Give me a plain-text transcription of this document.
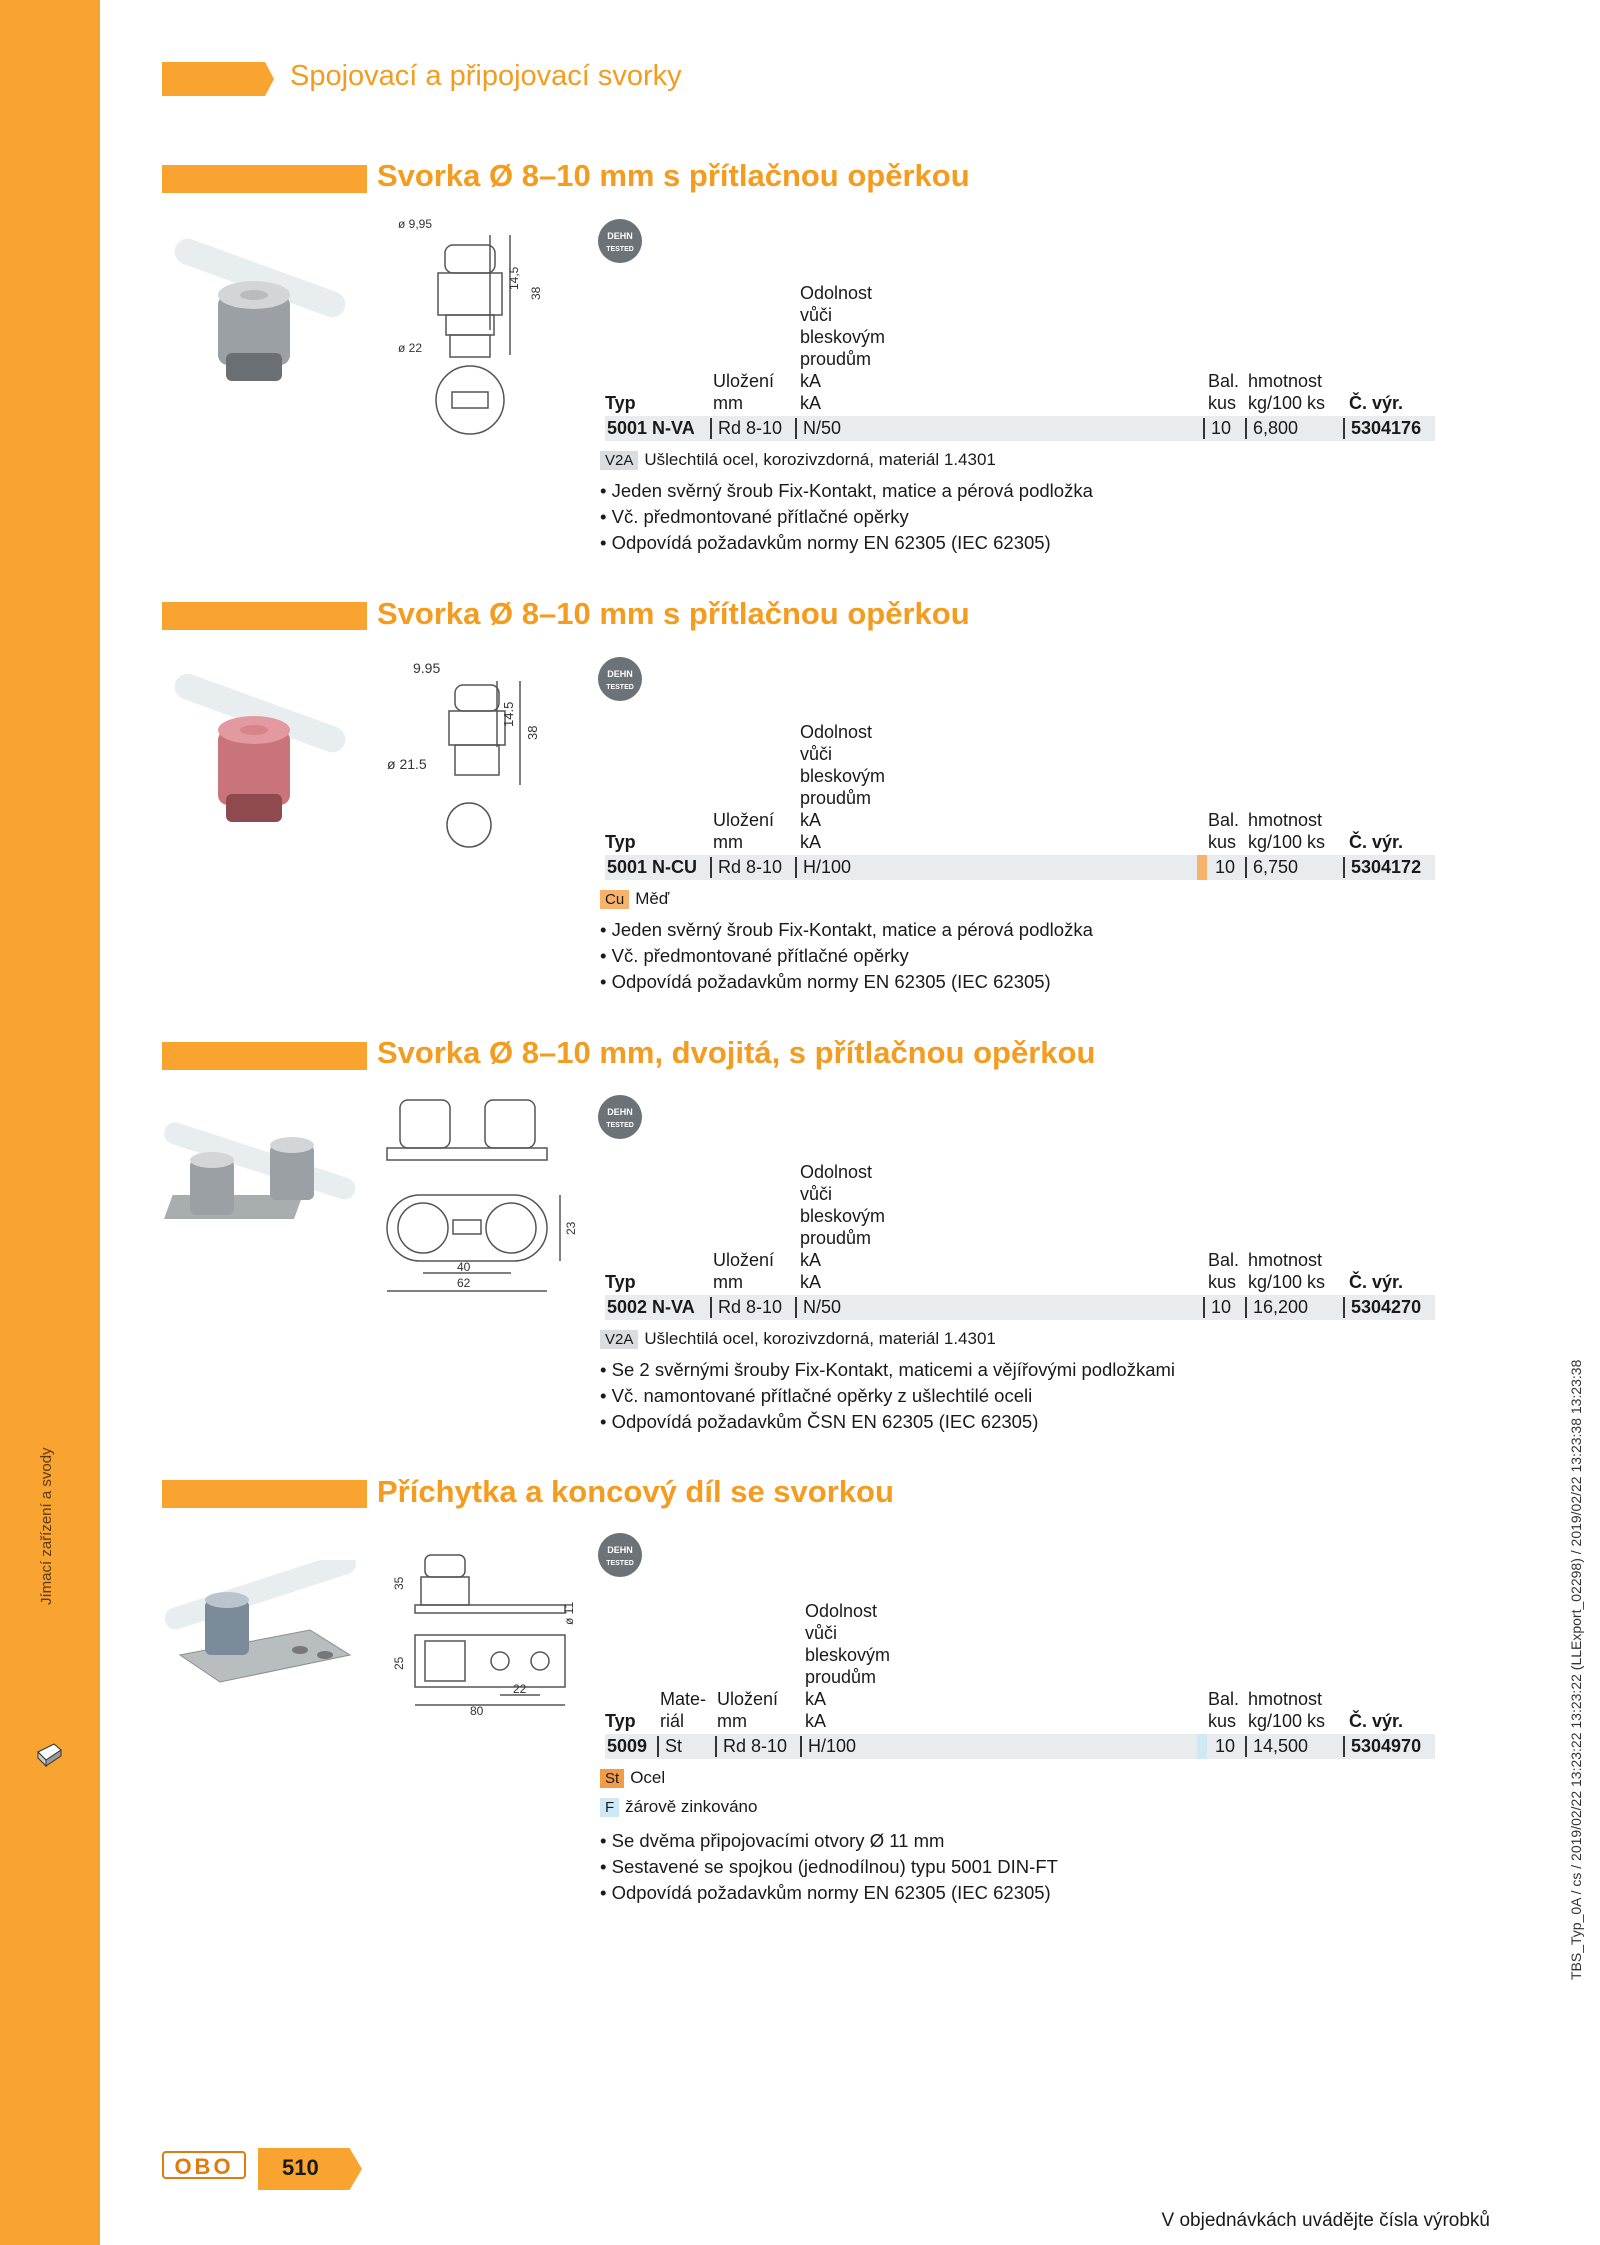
Jímací zařízení a svody
Spojovací a připojovací svorky
Svorka Ø 8–10 mm s přítlačnou opěrkou
ø 9,95
ø 22
14,5
38
DEHN
TESTED
Typ
Uložení
mm
Odolnost
vůči
bleskovým
proudům
kA
kA
Bal.
kus
hmotnost
kg/100 ks Č. výr.
5001 N-VA	Rd 8-10	N/50	10	6,800	5304176
V2A Ušlechtilá ocel, korozivzdorná, materiál 1.4301
• Jeden svěrný šroub Fix-Kontakt, matice a pérová podložka
• Vč. předmontované přítlačné opěrky
• Odpovídá požadavkům normy EN 62305 (IEC 62305)
Svorka Ø 8–10 mm s přítlačnou opěrkou
9.95
ø 21.5
14.5
38
DEHN
TESTED
Typ
Uložení
mm
Odolnost
vůči
bleskovým
proudům
kA
kA
Bal.
kus
hmotnost
kg/100 ks Č. výr.
5001 N-CU	Rd 8-10	H/100	10 6,750	5304172
Cu Měď
• Jeden svěrný šroub Fix-Kontakt, matice a pérová podložka
• Vč. předmontované přítlačné opěrky
• Odpovídá požadavkům normy EN 62305 (IEC 62305)
Svorka Ø 8–10 mm, dvojitá, s přítlačnou opěrkou
40
62
23
DEHN
TESTED
Typ
Uložení
mm
Odolnost
vůči
bleskovým
proudům
kA
kA
Bal.
kus
hmotnost
kg/100 ks Č. výr.
5002 N-VA	Rd 8-10	N/50	10	16,200	5304270
V2A Ušlechtilá ocel, korozivzdorná, materiál 1.4301
• Se 2 svěrnými šrouby Fix-Kontakt, maticemi a vějířovými podložkami
• Vč. namontované přítlačné opěrky z ušlechtilé oceli
• Odpovídá požadavkům ČSN EN 62305 (IEC 62305)
Příchytka a koncový díl se svorkou
35
25
ø 11
22
80
DEHN
TESTED
Typ
Mate-
riál
Uložení
mm
Odolnost
vůči
bleskovým
proudům
kA
kA
Bal.
kus
hmotnost
kg/100 ks Č. výr.
5009 St	Rd 8-10	H/100	10 14,500	5304970
St Ocel
F žárově zinkováno
• Se dvěma připojovacími otvory Ø 11 mm
• Sestavené se spojkou (jednodílnou) typu 5001 DIN-FT
• Odpovídá požadavkům normy EN 62305 (IEC 62305)	TBS_Typ_0A / cs / 2019/02/22 13:23:22 13:23:22 (LLExport_02298) / 2019/02/22 13:23:38 13:23:38
OBO 510
V objednávkách uvádějte čísla výrobků
